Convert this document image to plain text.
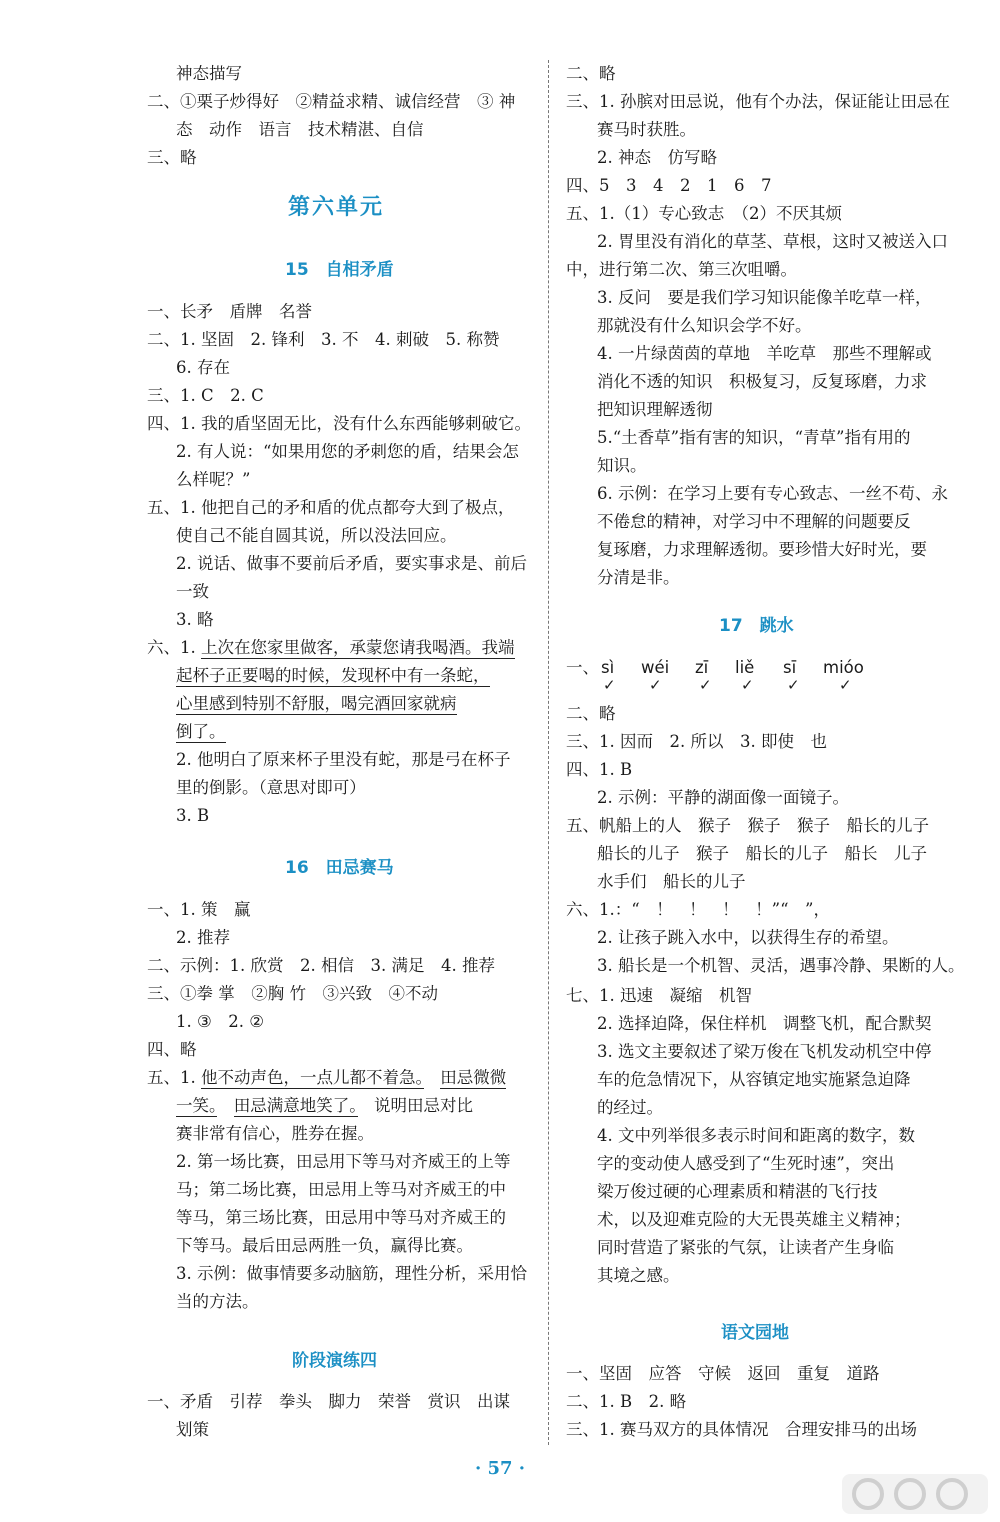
神态描写
二、①栗子炒得好　②精益求精、诚信经营　③ 神
态　动作　语言　技术精湛、自信
三、略
第六单元
15　自相矛盾
一、长矛　盾牌　名誉
二、1. 坚固　2. 锋利　3. 不　4. 刺破　5. 称赞
6. 存在
三、1. C　2. C
四、1. 我的盾坚固无比，没有什么东西能够刺破它。
2. 有人说：“如果用您的矛刺您的盾，结果会怎
么样呢？”
五、1. 他把自己的矛和盾的优点都夸大到了极点，
使自己不能自圆其说，所以没法回应。
2. 说话、做事不要前后矛盾，要实事求是、前后
一致
3. 略
六、1. 上次在您家里做客，承蒙您请我喝酒。我端
起杯子正要喝的时候，发现杯中有一条蛇，
心里感到特别不舒服，喝完酒回家就病
倒了。
2. 他明白了原来杯子里没有蛇，那是弓在杯子
里的倒影。（意思对即可）
3. B
16　田忌赛马
一、1. 策　赢
2. 推荐
二、示例：1. 欣赏　2. 相信　3. 满足　4. 推荐
三、①拳 掌　②胸 竹　③兴致　④不动
1. ③　2. ②
四、略
五、1. 他不动声色，一点儿都不着急。　 田忌微微
一笑。　 田忌满意地笑了。　说明田忌对比
赛非常有信心，胜券在握。
2. 第一场比赛，田忌用下等马对齐威王的上等
马；第二场比赛，田忌用上等马对齐威王的中
等马，第三场比赛，田忌用中等马对齐威王的
下等马。最后田忌两胜一负，赢得比赛。
3. 示例：做事情要多动脑筋，理性分析，采用恰
当的方法。
阶段演练四
一、矛盾　引荐　拳头　脚力　荣誉　赏识　出谋
划策
二、略
三、1. 孙膑对田忌说，他有个办法，保证能让田忌在
赛马时获胜。
2. 神态　仿写略
四、5　3　4　2　1　6　7
五、1.（1）专心致志　（2）不厌其烦
2. 胃里没有消化的草茎、草根，这时又被送入口
中，进行第二次、第三次咀嚼。
3. 反问　要是我们学习知识能像羊吃草一样，
那就没有什么知识会学不好。
4. 一片绿茵茵的草地　羊吃草　那些不理解或
消化不透的知识　积极复习，反复琢磨，力求
把知识理解透彻
5.“土香草”指有害的知识，“青草”指有用的
知识。
6. 示例：在学习上要有专心致志、一丝不苟、永
不倦怠的精神，对学习中不理解的问题要反
复琢磨，力求理解透彻。要珍惜大好时光，要
分清是非。
17　跳水
一、 sì wéi zī liě sī mióo
✓ ✓ ✓ ✓ ✓	✓
二、略
三、1. 因而　2. 所以　3. 即使　也
四、1. B
2. 示例：平静的湖面像一面镜子。
五、帆船上的人　猴子　猴子　猴子　船长的儿子
船长的儿子　猴子　船长的儿子　船长　儿子
水手们　船长的儿子
六、1.：“　！　！　！　！”“　”，
2. 让孩子跳入水中，以获得生存的希望。
3. 船长是一个机智、灵活，遇事冷静、果断的人。
七、1. 迅速　凝缩　机智
2. 选择迫降，保住样机　调整飞机，配合默契
3. 选文主要叙述了梁万俊在飞机发动机空中停
车的危急情况下，从容镇定地实施紧急迫降
的经过。
4. 文中列举很多表示时间和距离的数字，数
字的变动使人感受到了“生死时速”，突出
梁万俊过硬的心理素质和精湛的飞行技
术，以及迎难克险的大无畏英雄主义精神；
同时营造了紧张的气氛，让读者产生身临
其境之感。
语文园地
一、坚固　应答　守候　返回　重复　道路
二、1. B　2. 略
三、1. 赛马双方的具体情况　合理安排马的出场
· 57 ·
